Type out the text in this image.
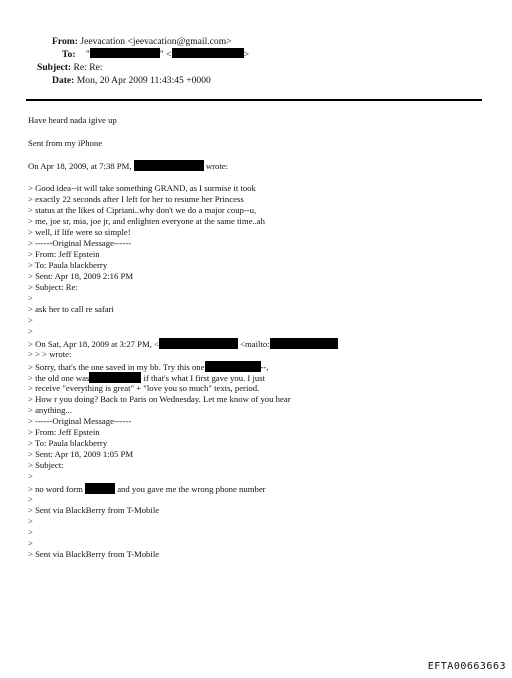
From: Jeevacation <jeevacation@gmail.com>
To: "	" <	>
Subject: Re: Re:
Date: Mon, 20 Apr 2009 11:43:45 +0000
Have heard nada igive up
Sent from my iPhone
On Apr 18, 2009, at 7:38 PM,	wrote:
> Good idea--it will take something GRAND, as I surmise it took
> exactly 22 seconds after I left for her to resume her Princess
> status at the likes of Cipriani..why don't we do a major coup--u,
> me, joe sr, mia, joe jr, and enlighten everyone at the same time..ah
> well, if life were so simple!
> ------Original Message------
> From: Jeff Epstein
> To: Paula blackberry
> Sent: Apr 18, 2009 2:16 PM
> Subject: Re:
>
> ask her to call re safari
>
>
> On Sat, Apr 18, 2009 at 3:27 PM, <	<mailto:
> > > wrote:
> Sorry, that's the one saved in my bb. Try this one	--,
> the old one was	if that's what I first gave you. I just
> receive "everything is great" + "love you so much" texts, period.
> How r you doing? Back to Paris on Wednesday. Let me know of you hear
> anything...
> ------Original Message------
> From: Jeff Epstein
> To: Paula blackberry
> Sent: Apr 18, 2009 1:05 PM
> Subject:
>
> no word form	and you gave me the wrong phone number
>
> Sent via BlackBerry from T-Mobile
>
>
>
> Sent via BlackBerry from T-Mobile
EFTA00663663
